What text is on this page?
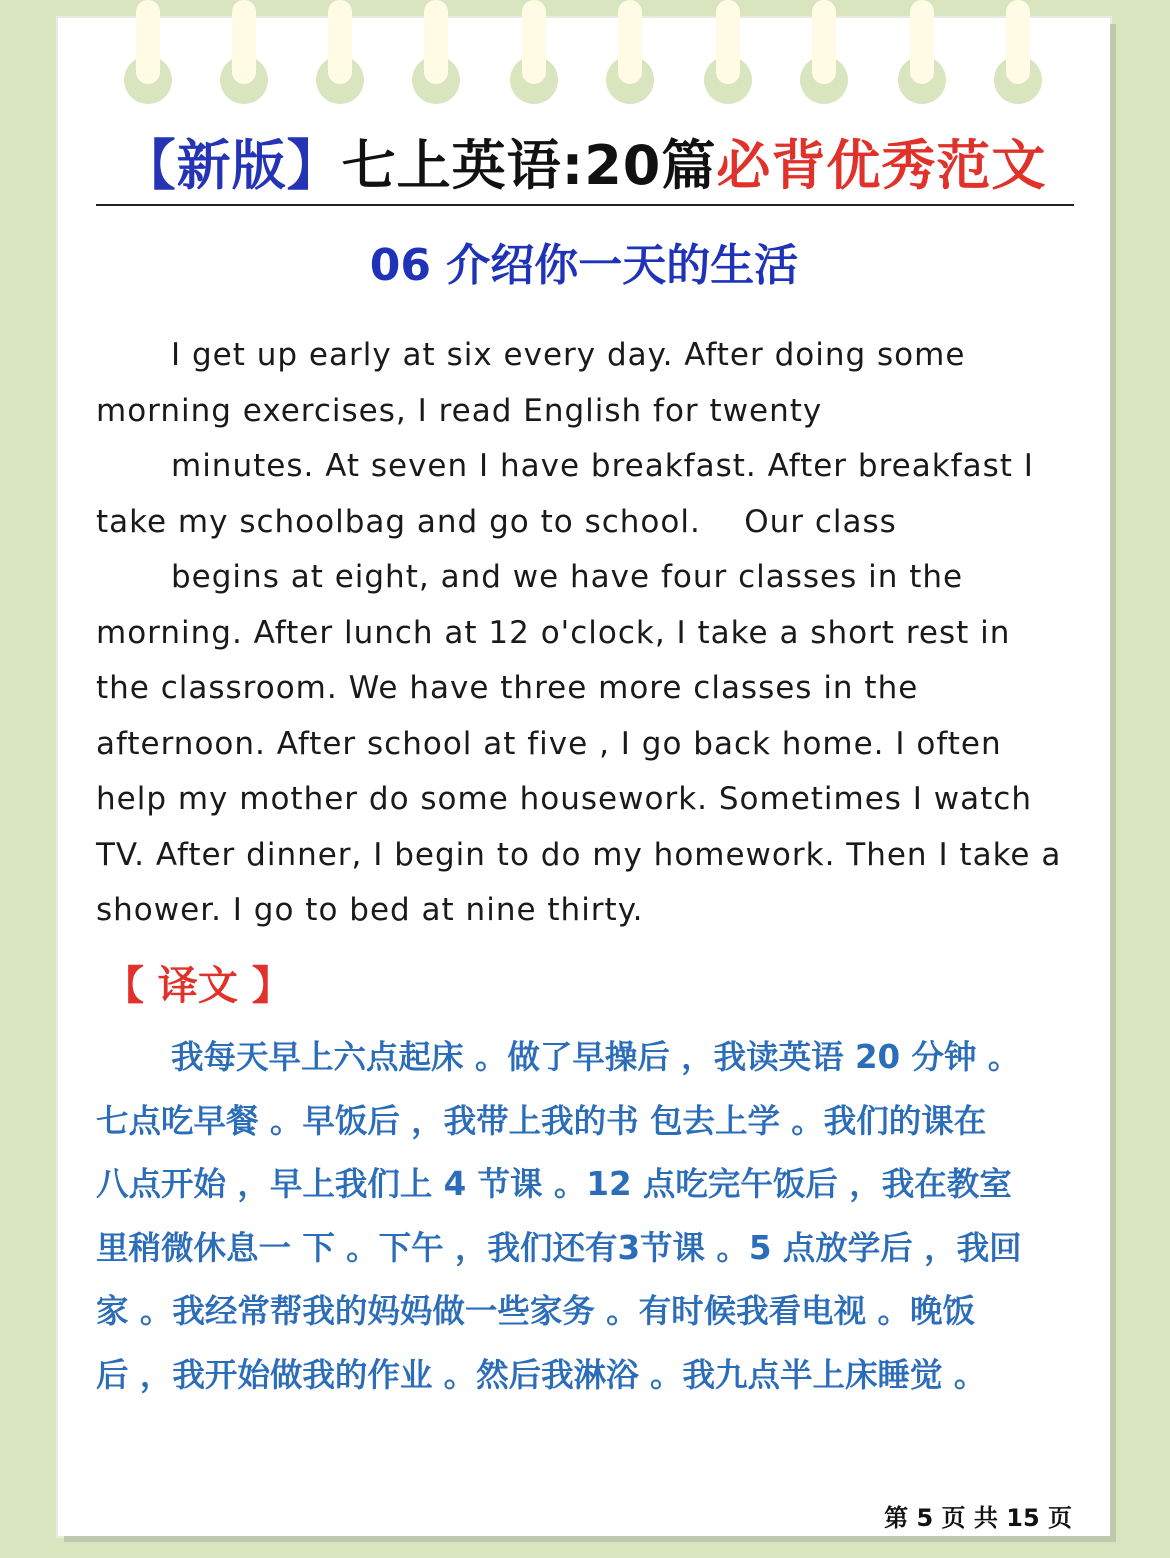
【新版】七上英语:20篇必背优秀范文
06 介绍你一天的生活
I get up early at six every day. After doing some
morning exercises, I read English for twenty
minutes. At seven I have breakfast. After breakfast I
take my schoolbag and go to school.    Our class
begins at eight, and we have four classes in the
morning. After lunch at 12 o'clock, I take a short rest in
the classroom. We have three more classes in the
afternoon. After school at five , I go back home. I often
help my mother do some housework. Sometimes I watch
TV. After dinner, I begin to do my homework. Then I take a
shower. I go to bed at nine thirty.
【 译文 】
我每天早上六点起床 。做了早操后 ，我读英语 20 分钟 。
七点吃早餐 。早饭后 ，我带上我的书 包去上学 。我们的课在
八点开始 ，早上我们上 4 节课 。12 点吃完午饭后 ，我在教室
里稍微休息一 下 。下午 ，我们还有3节课 。5 点放学后 ，我回
家 。我经常帮我的妈妈做一些家务 。有时候我看电视 。晚饭
后 ，我开始做我的作业 。然后我淋浴 。我九点半上床睡觉 。
第 5 页 共 15 页
